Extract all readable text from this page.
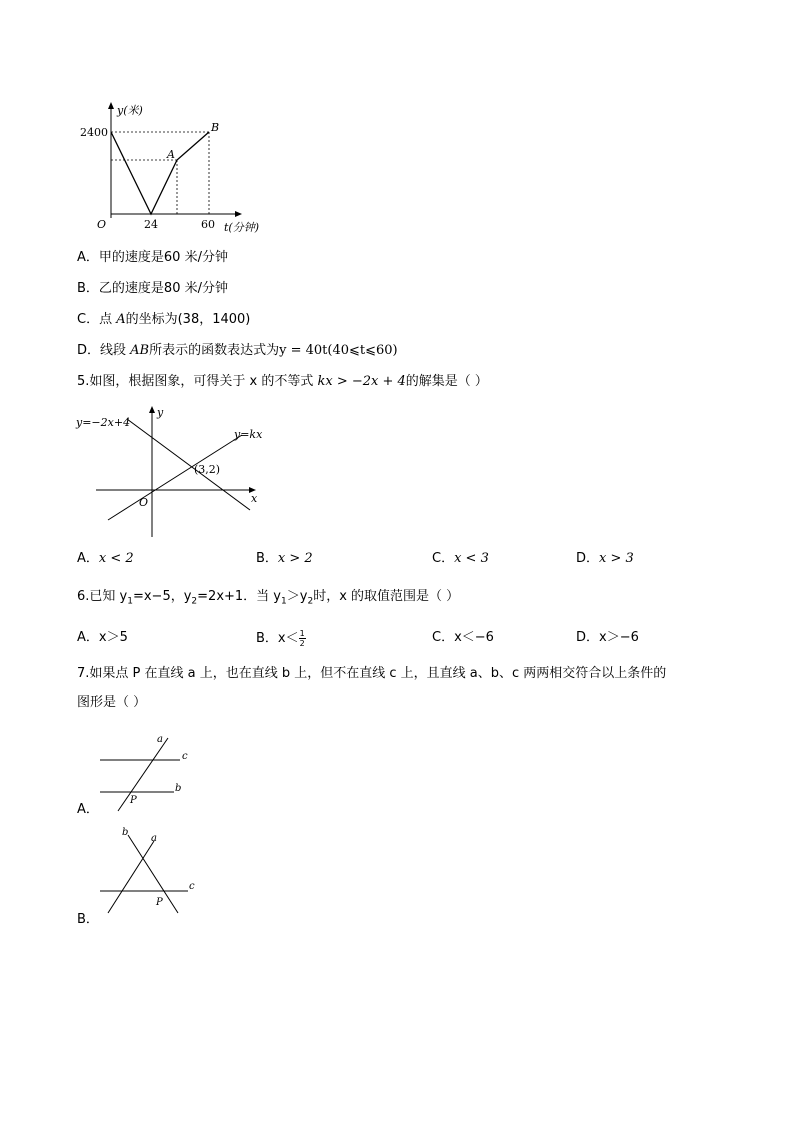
y(米)
2400
A
B
O	24	60 t(分钟)
A．甲的速度是60 米/分钟
B．乙的速度是80 米/分钟
C．点 A的坐标为(38，1400)
D．线段 AB所表示的函数表达式为y = 40t(40⩽t⩽60)
5.如图，根据图象，可得关于 x 的不等式 kx > −2x + 4的解集是（ ）
y=−2x+4
y=kx
(3,2)
y
x
O
A．x < 2	B．x > 2	C．x < 3	D．x > 3
6.已知 $y_1=x-5$，$y_2=2x+1$．当 $y_1>y_2$时，x 的取值范围是（ ）
A．x＞5	B．$x< \frac{1}{2}$	C．x＜−6	D．x＞−6
7.如果点 P 在直线 a 上，也在直线 b 上，但不在直线 c 上，且直线 a、b、c 两两相交符合以上条件的
图形是（ ）
a
c
b
P
A．
b
a
c
P
B．
